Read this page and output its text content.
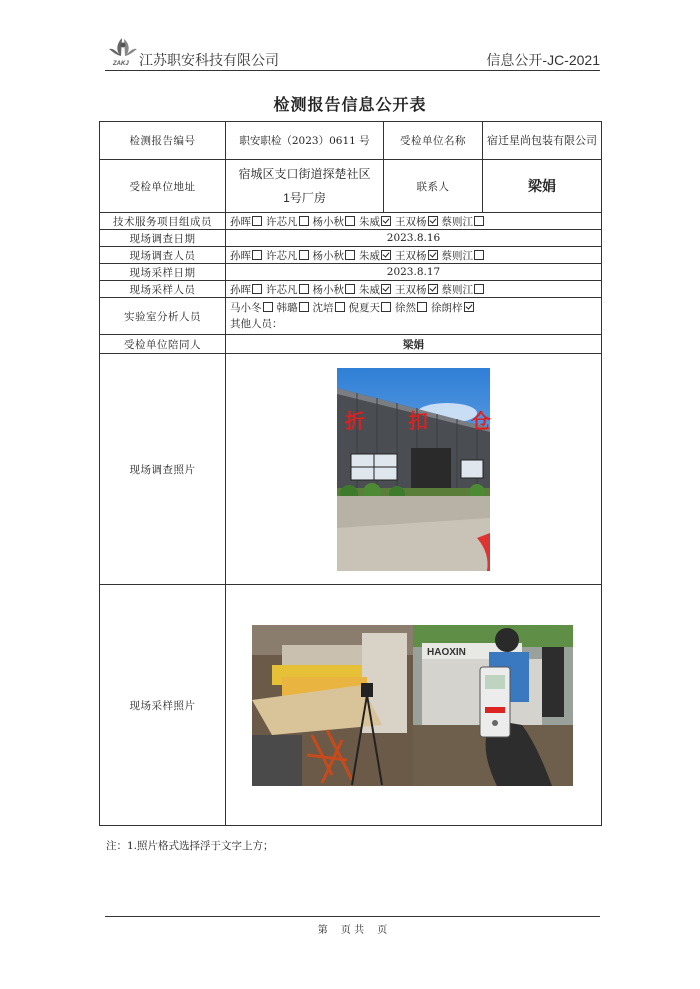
ZAKJ 江苏职安科技有限公司	信息公开-JC-2021
检测报告信息公开表
检测报告编号	职安职检（2023）0611 号	受检单位名称	宿迁星尚包装有限公司
受检单位地址	宿城区支口街道探楚社区1号厂房	联系人	梁娟
技术服务项目组成员	孙晖 许芯凡 杨小秋 朱威 王双杨 蔡则江		
现场调查日期	2023.8.16		
现场调查人员	孙晖 许芯凡 杨小秋 朱威 王双杨 蔡则江		
现场采样日期	2023.8.17		
现场采样人员	孙晖 许芯凡 杨小秋 朱威 王双杨 蔡则江		
实验室分析人员	马小冬 韩璐 沈培 倪夏天 徐然 徐朗梓
其他人员：		

受检单位陪同人	梁娟		
现场调查照片	折 扣 仓		

现场采样照片	HAOXIN		
注：1.照片格式选择浮于文字上方；
第　 页 共 　页
